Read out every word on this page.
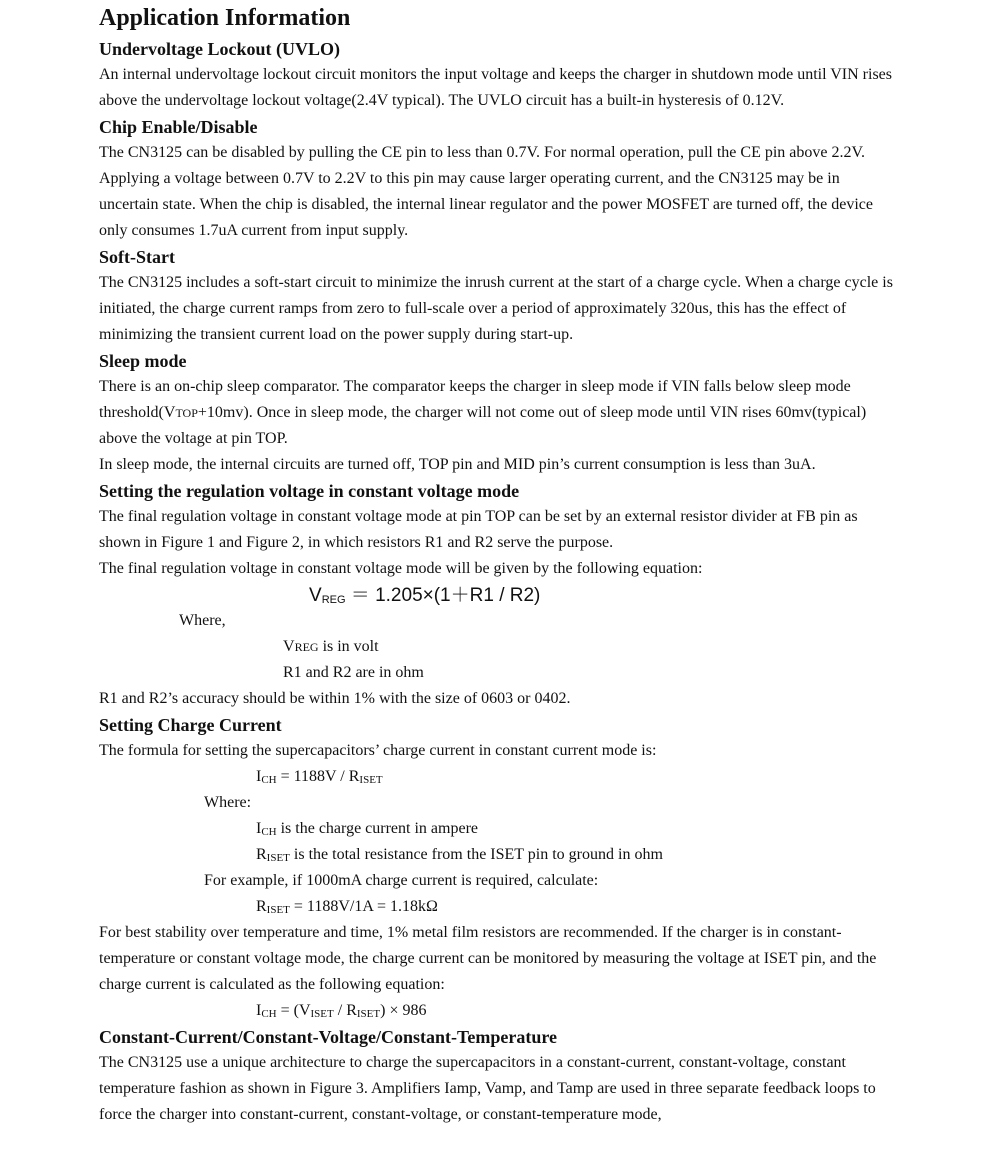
Application Information
Undervoltage Lockout (UVLO)

An internal undervoltage lockout circuit monitors the input voltage and keeps the charger in shutdown mode until VIN rises above the undervoltage lockout voltage(2.4V typical). The UVLO circuit has a built-in hysteresis of 0.12V.

Chip Enable/Disable

The CN3125 can be disabled by pulling the CE pin to less than 0.7V. For normal operation, pull the CE pin above 2.2V. Applying a voltage between 0.7V to 2.2V to this pin may cause larger operating current, and the CN3125 may be in uncertain state. When the chip is disabled, the internal linear regulator and the power MOSFET are turned off, the device only consumes 1.7uA current from input supply.

Soft-Start

The CN3125 includes a soft-start circuit to minimize the inrush current at the start of a charge cycle. When a charge cycle is initiated, the charge current ramps from zero to full-scale over a period of approximately 320us, this has the effect of minimizing the transient current load on the power supply during start-up.

Sleep mode

There is an on-chip sleep comparator. The comparator keeps the charger in sleep mode if VIN falls below sleep mode threshold(VTOP+10mv). Once in sleep mode, the charger will not come out of sleep mode until VIN rises 60mv(typical) above the voltage at pin TOP.

In sleep mode, the internal circuits are turned off, TOP pin and MID pin’s current consumption is less than 3uA.

Setting the regulation voltage in constant voltage mode

The final regulation voltage in constant voltage mode at pin TOP can be set by an external resistor divider at FB pin as shown in Figure 1 and Figure 2, in which resistors R1 and R2 serve the purpose.

The final regulation voltage in constant voltage mode will be given by the following equation:

$V_{REG} = 1.205\times(1+R1 / R2)$
Where,
VREG is in volt
R1 and R2 are in ohm
R1 and R2’s accuracy should be within 1% with the size of 0603 or 0402.
Setting Charge Current
The formula for setting the supercapacitors’ charge current in constant current mode is:
$I_{CH} = 1188V / R_{ISET}$
Where:
$I_{CH}$ is the charge current in ampere
$R_{ISET}$ is the total resistance from the ISET pin to ground in ohm
For example, if 1000mA charge current is required, calculate:
$R_{ISET} = 1188V/1A = 1.18k\Omega$

For best stability over temperature and time, 1% metal film resistors are recommended. If the charger is in constant-temperature or constant voltage mode, the charge current can be monitored by measuring the voltage at ISET pin, and the charge current is calculated as the following equation:

$I_{CH} = (V_{ISET} / R_{ISET}) \times 986$
Constant-Current/Constant-Voltage/Constant-Temperature

The CN3125 use a unique architecture to charge the supercapacitors in a constant-current, constant-voltage, constant temperature fashion as shown in Figure 3. Amplifiers Iamp, Vamp, and Tamp are used in three separate feedback loops to force the charger into constant-current, constant-voltage, or constant-temperature mode,
